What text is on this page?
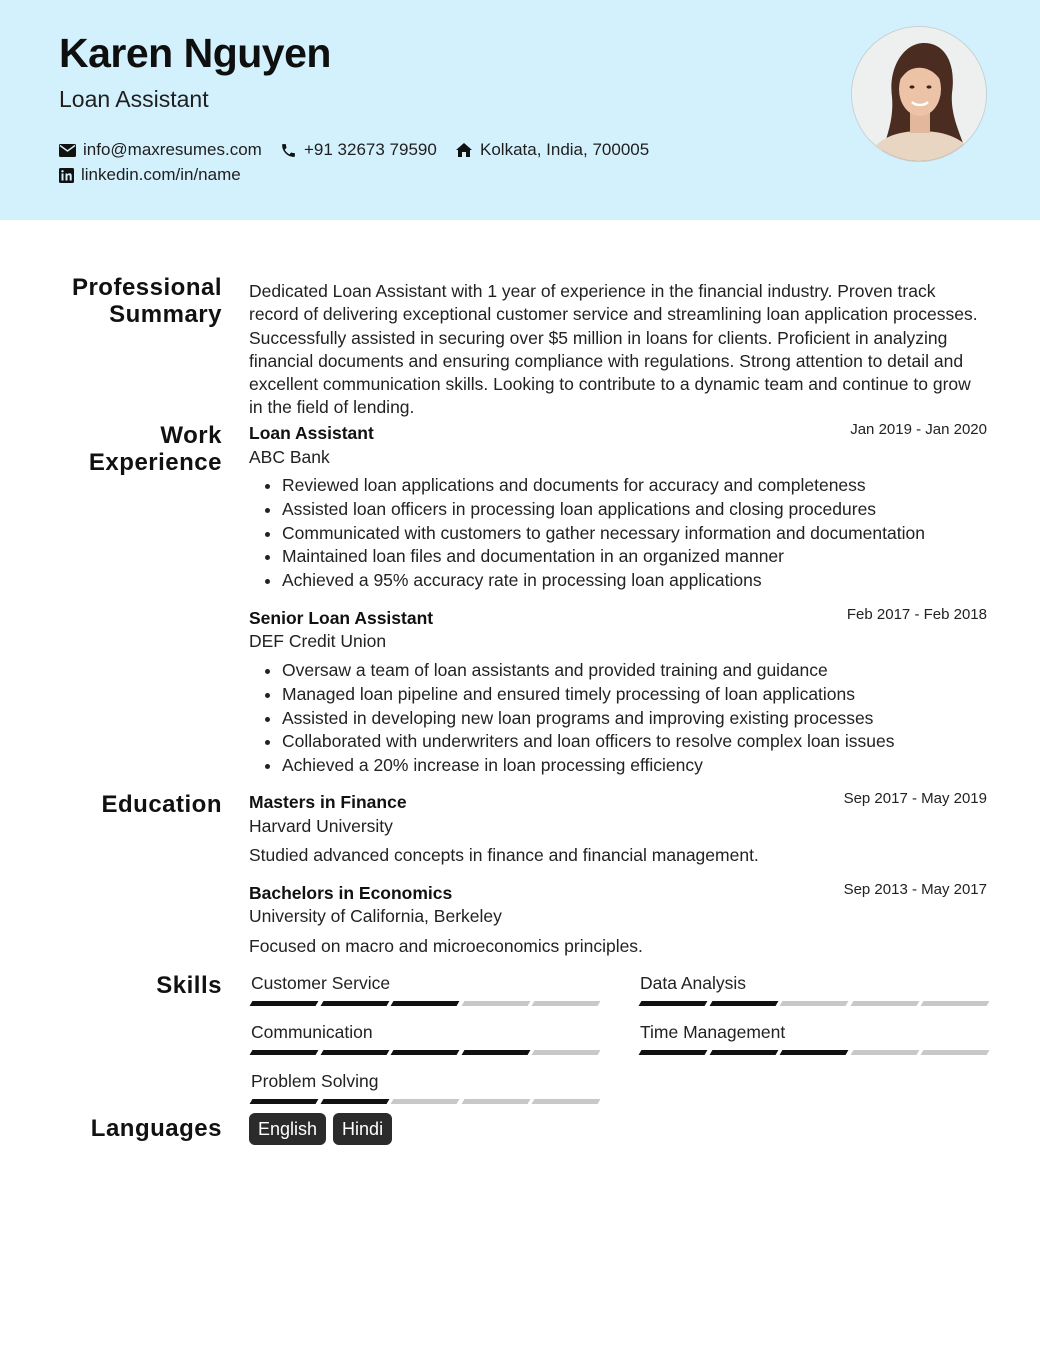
Karen Nguyen
Loan Assistant
info@maxresumes.com +91 32673 79590	Kolkata, India, 700005
linkedin.com/in/name
Professional
Summary
Work
Experience
Education
Skills
Languages
Dedicated Loan Assistant with 1 year of experience in the financial industry. Proven track record of delivering exceptional customer service and streamlining loan application processes. Successfully assisted in securing over $5 million in loans for clients. Proficient in analyzing financial documents and ensuring compliance with regulations. Strong attention to detail and excellent communication skills. Looking to contribute to a dynamic team and continue to grow in the field of lending.
Loan Assistant	Jan 2019 - Jan 2020
ABC Bank
• Reviewed loan applications and documents for accuracy and completeness
• Assisted loan officers in processing loan applications and closing procedures
• Communicated with customers to gather necessary information and documentation
• Maintained loan files and documentation in an organized manner
• Achieved a 95% accuracy rate in processing loan applications
Senior Loan Assistant	Feb 2017 - Feb 2018
DEF Credit Union
• Oversaw a team of loan assistants and provided training and guidance
• Managed loan pipeline and ensured timely processing of loan applications
• Assisted in developing new loan programs and improving existing processes
• Collaborated with underwriters and loan officers to resolve complex loan issues
• Achieved a 20% increase in loan processing efficiency
Masters in Finance	Sep 2017 - May 2019
Harvard University
Studied advanced concepts in finance and financial management.
Bachelors in Economics	Sep 2013 - May 2017
University of California, Berkeley
Focused on macro and microeconomics principles.
Customer Service	Data Analysis
Communication	Time Management
Problem Solving
English	Hindi
